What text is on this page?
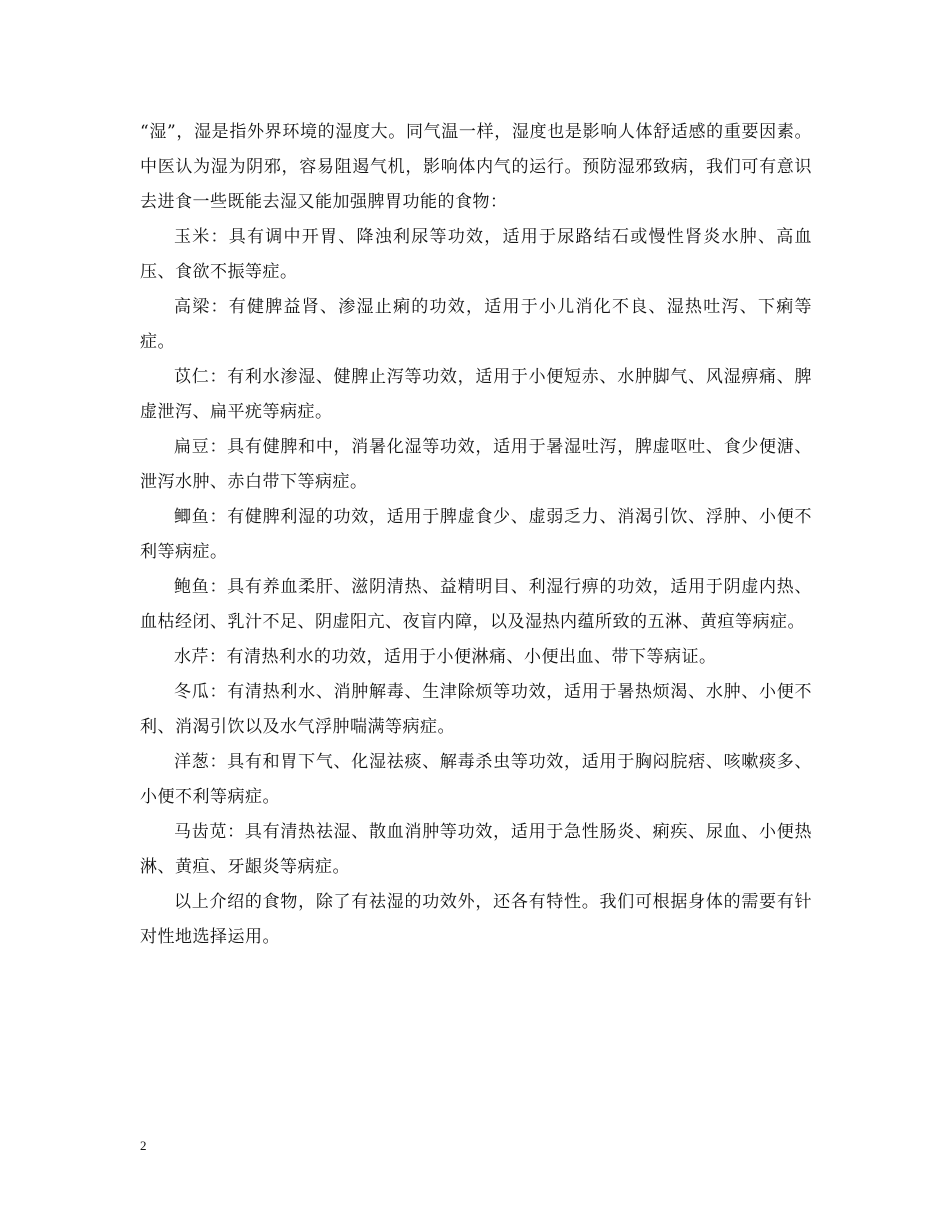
“湿”，湿是指外界环境的湿度大。同气温一样，湿度也是影响人体舒适感的重要因素。中医认为湿为阴邪，容易阻遏气机，影响体内气的运行。预防湿邪致病，我们可有意识去进食一些既能去湿又能加强脾胃功能的食物：

玉米：具有调中开胃、降浊利尿等功效，适用于尿路结石或慢性肾炎水肿、高血压、食欲不振等症。

高梁：有健脾益肾、渗湿止痢的功效，适用于小儿消化不良、湿热吐泻、下痢等症。

苡仁：有利水渗湿、健脾止泻等功效，适用于小便短赤、水肿脚气、风湿痹痛、脾虚泄泻、扁平疣等病症。

扁豆：具有健脾和中，消暑化湿等功效，适用于暑湿吐泻，脾虚呕吐、食少便溏、泄泻水肿、赤白带下等病症。

鲫鱼：有健脾利湿的功效，适用于脾虚食少、虚弱乏力、消渴引饮、浮肿、小便不利等病症。

鲍鱼：具有养血柔肝、滋阴清热、益精明目、利湿行痹的功效，适用于阴虚内热、血枯经闭、乳汁不足、阴虚阳亢、夜盲内障，以及湿热内蕴所致的五淋、黄疸等病症。

水芹：有清热利水的功效，适用于小便淋痛、小便出血、带下等病证。

冬瓜：有清热利水、消肿解毒、生津除烦等功效，适用于暑热烦渴、水肿、小便不利、消渴引饮以及水气浮肿喘满等病症。

洋葱：具有和胃下气、化湿祛痰、解毒杀虫等功效，适用于胸闷脘痞、咳嗽痰多、小便不利等病症。

马齿苋：具有清热祛湿、散血消肿等功效，适用于急性肠炎、痢疾、尿血、小便热淋、黄疸、牙龈炎等病症。

以上介绍的食物，除了有祛湿的功效外，还各有特性。我们可根据身体的需要有针对性地选择运用。

2
